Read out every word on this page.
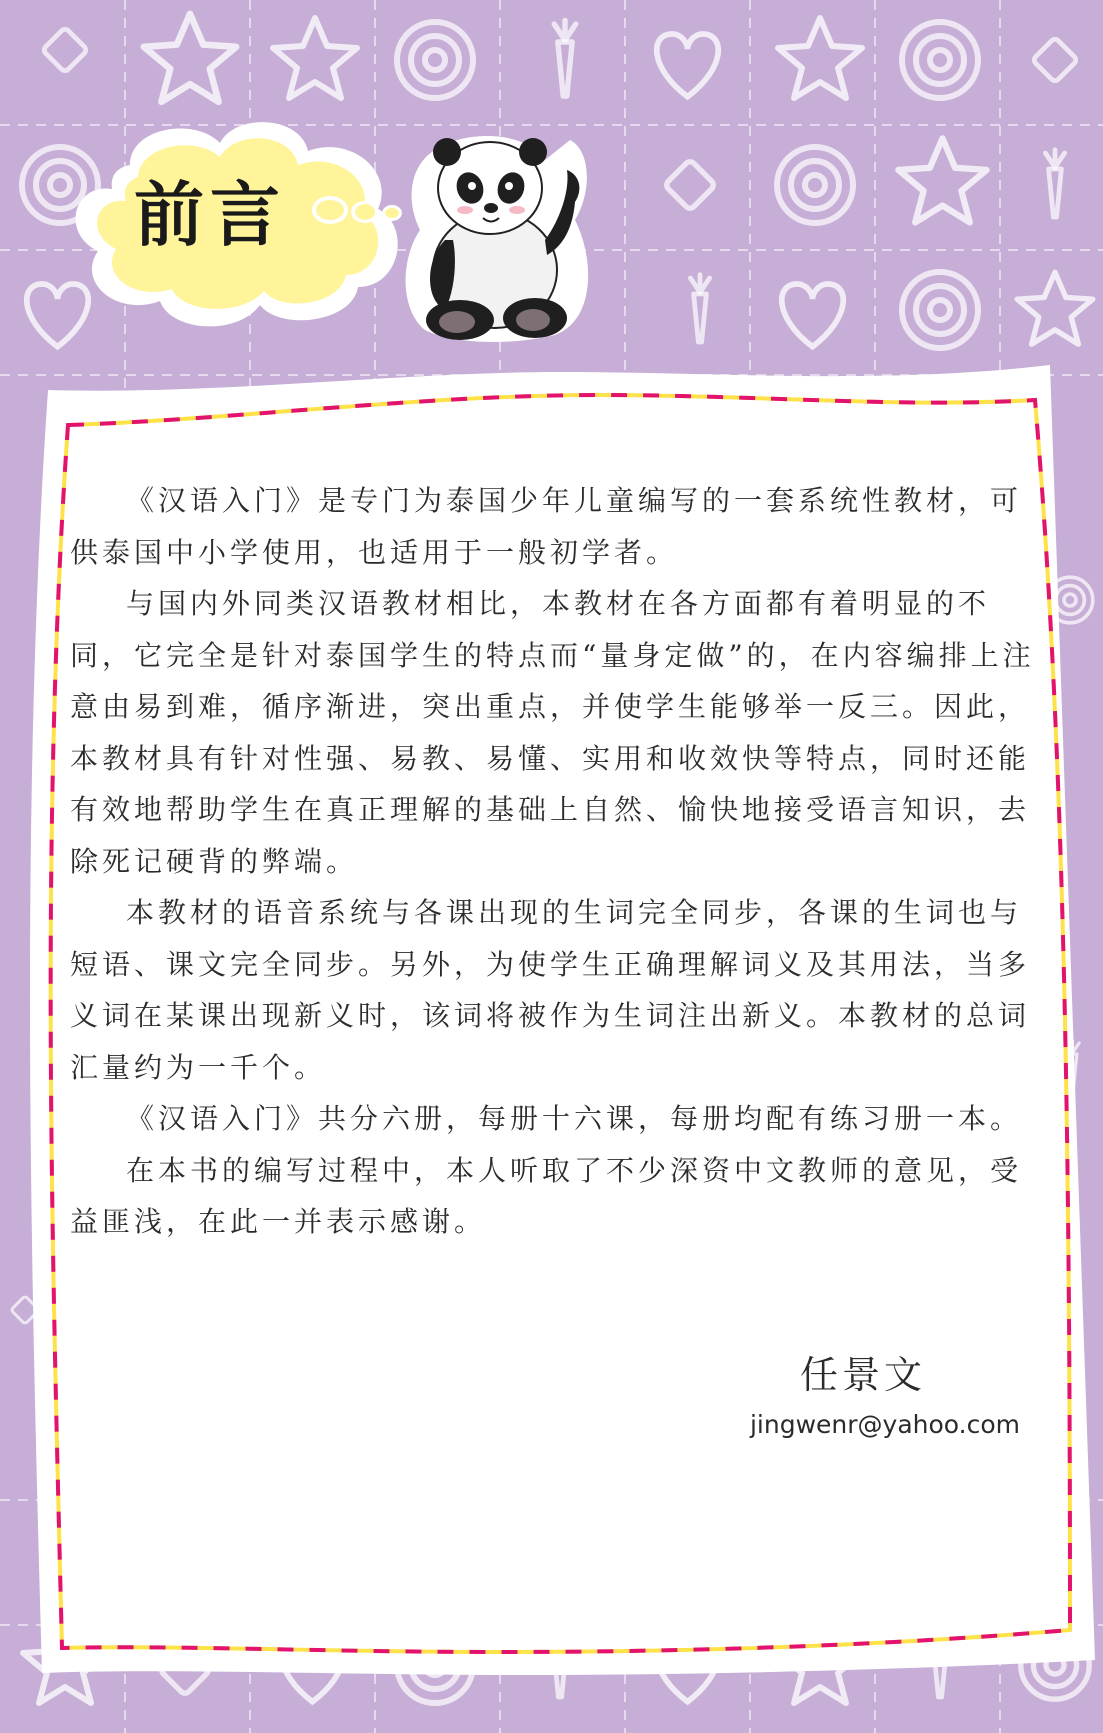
前言

《汉语入门》是专门为泰国少年儿童编写的一套系统性教材，可供泰国中小学使用，也适用于一般初学者。

与国内外同类汉语教材相比，本教材在各方面都有着明显的不同，它完全是针对泰国学生的特点而“量身定做”的，在内容编排上注意由易到难，循序渐进，突出重点，并使学生能够举一反三。因此，本教材具有针对性强、易教、易懂、实用和收效快等特点，同时还能有效地帮助学生在真正理解的基础上自然、愉快地接受语言知识，去除死记硬背的弊端。

本教材的语音系统与各课出现的生词完全同步，各课的生词也与短语、课文完全同步。另外，为使学生正确理解词义及其用法，当多义词在某课出现新义时，该词将被作为生词注出新义。本教材的总词汇量约为一千个。

《汉语入门》共分六册，每册十六课，每册均配有练习册一本。

在本书的编写过程中，本人听取了不少深资中文教师的意见，受益匪浅，在此一并表示感谢。

任景文
jingwenr@yahoo.com
